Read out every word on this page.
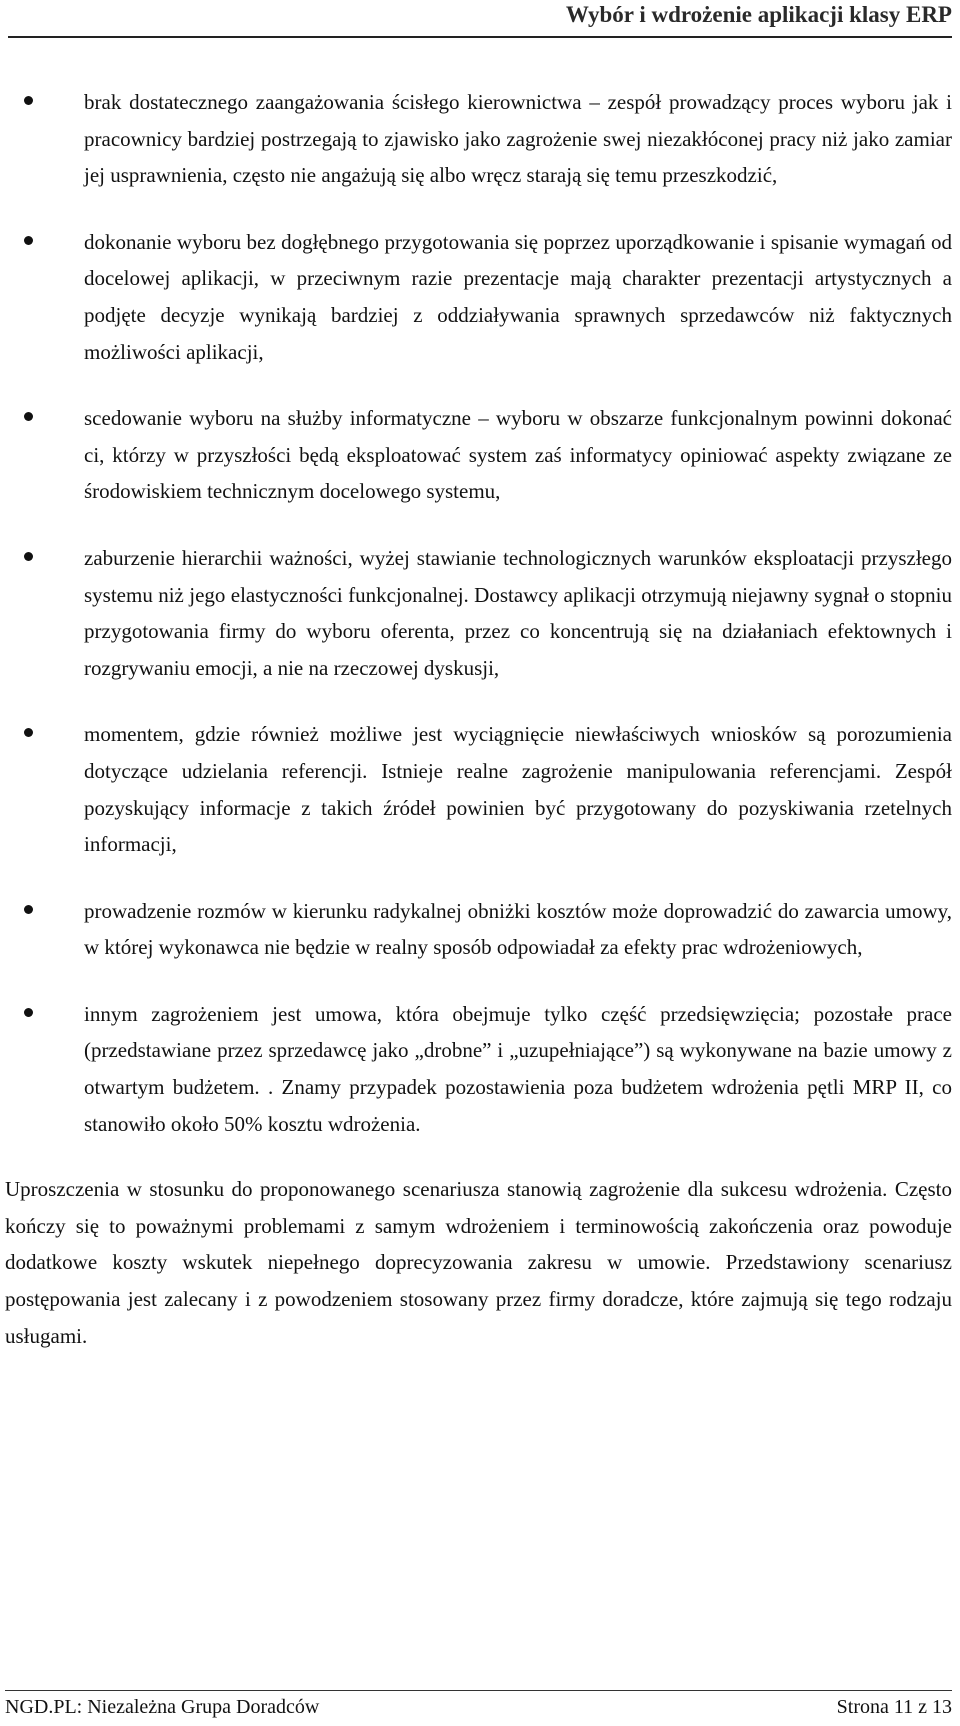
Wybór i wdrożenie aplikacji klasy ERP
brak dostatecznego zaangażowania ścisłego kierownictwa – zespół prowadzący proces wyboru jak i pracownicy bardziej postrzegają to zjawisko jako zagrożenie swej niezakłóconej pracy niż jako zamiar jej usprawnienia, często nie angażują się albo wręcz starają się temu przeszkodzić,
dokonanie wyboru bez dogłębnego przygotowania się poprzez uporządkowanie i spisanie wymagań od docelowej aplikacji, w przeciwnym razie prezentacje mają charakter prezentacji artystycznych a podjęte decyzje wynikają bardziej z oddziaływania sprawnych sprzedawców niż faktycznych możliwości aplikacji,
scedowanie wyboru na służby informatyczne – wyboru w obszarze funkcjonalnym powinni dokonać ci, którzy w przyszłości będą eksploatować system zaś informatycy opiniować aspekty związane ze środowiskiem technicznym docelowego systemu,
zaburzenie hierarchii ważności, wyżej stawianie technologicznych warunków eksploatacji przyszłego systemu niż jego elastyczności funkcjonalnej. Dostawcy aplikacji otrzymują niejawny sygnał o stopniu przygotowania firmy do wyboru oferenta, przez co koncentrują się na działaniach efektownych i rozgrywaniu emocji, a nie na rzeczowej dyskusji,
momentem, gdzie również możliwe jest wyciągnięcie niewłaściwych wniosków są porozumienia dotyczące udzielania referencji. Istnieje realne zagrożenie manipulowania referencjami. Zespół pozyskujący informacje z takich źródeł powinien być przygotowany do pozyskiwania rzetelnych informacji,
prowadzenie rozmów w kierunku radykalnej obniżki kosztów może doprowadzić do zawarcia umowy, w której wykonawca nie będzie w realny sposób odpowiadał za efekty prac wdrożeniowych,
innym zagrożeniem jest umowa, która obejmuje tylko część przedsięwzięcia; pozostałe prace (przedstawiane przez sprzedawcę jako „drobne” i „uzupełniające”) są wykonywane na bazie umowy z otwartym budżetem. . Znamy przypadek pozostawienia poza budżetem wdrożenia pętli MRP II, co stanowiło około 50% kosztu wdrożenia.

Uproszczenia w stosunku do proponowanego scenariusza stanowią zagrożenie dla sukcesu wdrożenia. Często kończy się to poważnymi problemami z samym wdrożeniem i terminowością zakończenia oraz powoduje dodatkowe koszty wskutek niepełnego doprecyzowania zakresu w umowie. Przedstawiony scenariusz postępowania jest zalecany i z powodzeniem stosowany przez firmy doradcze, które zajmują się tego rodzaju usługami.

NGD.PL: Niezależna Grupa Doradców	Strona 11 z 13
